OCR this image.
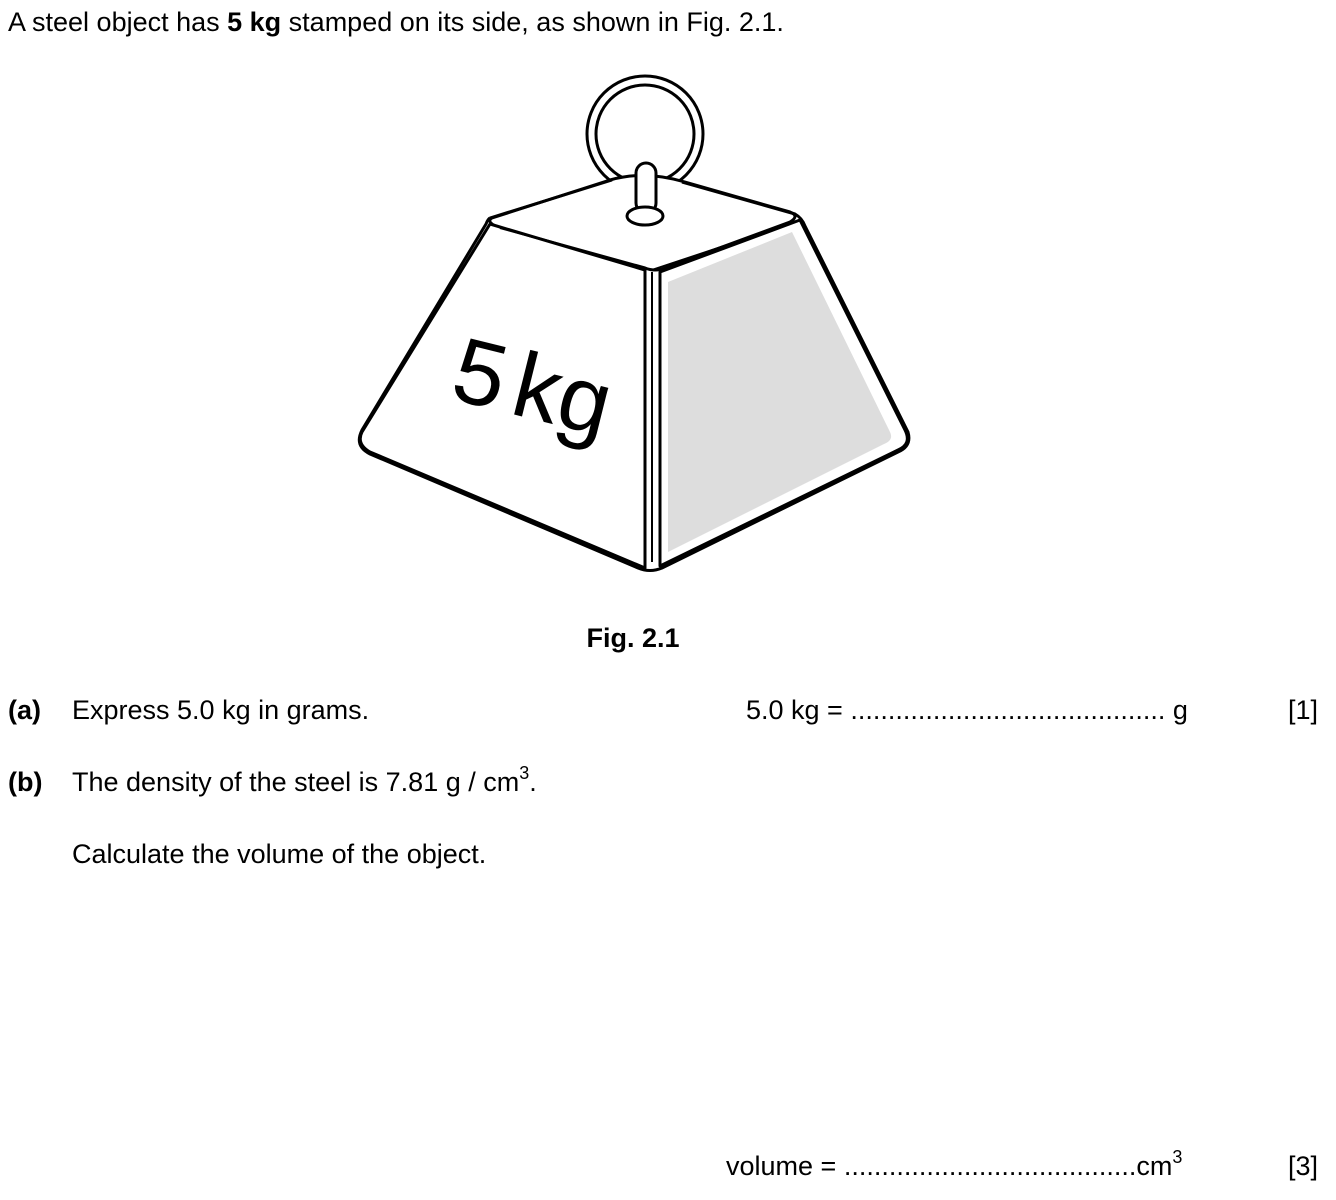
A steel object has 5 kg stamped on its side, as shown in Fig. 2.1.
5
kg
Fig. 2.1
(a) Express 5.0 kg in grams.	5.0 kg = .......................................... g	[1]
(b) The density of the steel is 7.81 g / $cm^3$.
Calculate the volume of the object.
volume = $.......................................cm^3$	[3]
